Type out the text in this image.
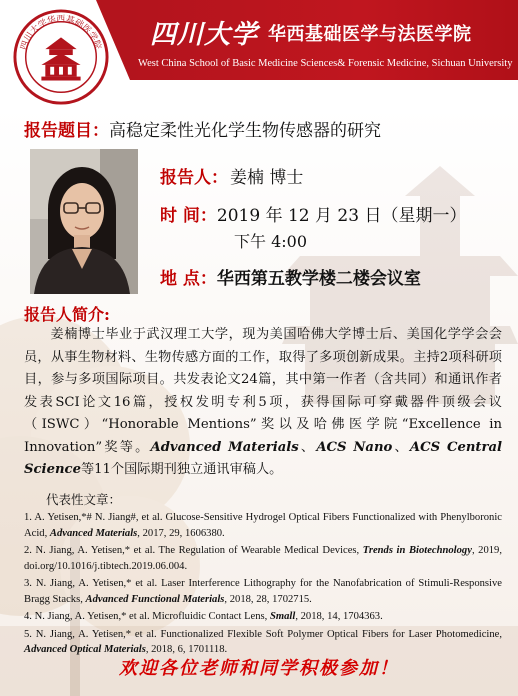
四川大学华西基础医学院 四川大学 华西基础医学与法医学院
West China School of Basic Medicine Sciences& Forensic Medicine, Sichuan University
报告题目：高稳定柔性光化学生物传感器的研究
报告人： 姜楠 博士
时 间：2019 年 12 月 23 日（星期一）
下午 4:00
地 点：华西第五教学楼二楼会议室
报告人简介:
姜楠博士毕业于武汉理工大学，现为美国哈佛大学博士后、美国化学学会会员，从事生物材料、生物传感方面的工作，取得了多项创新成果。主持2项科研项目，参与多项国际项目。共发表论文24篇，其中第一作者（含共同）和通讯作者发表SCI论文16篇，授权发明专利5项，获得国际可穿戴器件顶级会议（ISWC）“Honorable Mentions”奖以及哈佛医学院“Excellence in Innovation”奖等。Advanced Materials、ACS Nano、ACS Central Science等11个国际期刊独立通讯审稿人。
代表性文章：
1. A. Yetisen,*# N. Jiang#, et al. Glucose-Sensitive Hydrogel Optical Fibers Functionalized with Phenylboronic Acid, Advanced Materials, 2017, 29, 1606380.
2. N. Jiang, A. Yetisen,* et al. The Regulation of Wearable Medical Devices, Trends in Biotechnology, 2019, doi.org/10.1016/j.tibtech.2019.06.004.
3. N. Jiang, A. Yetisen,* et al. Laser Interference Lithography for the Nanofabrication of Stimuli-Responsive Bragg Stacks, Advanced Functional Materials, 2018, 28, 1702715.
4. N. Jiang, A. Yetisen,* et al. Microfluidic Contact Lens, Small, 2018, 14, 1704363.
5. N. Jiang, A. Yetisen,* et al. Functionalized Flexible Soft Polymer Optical Fibers for Laser Photomedicine, Advanced Optical Materials, 2018, 6, 1701118.
欢迎各位老师和同学积极参加！
